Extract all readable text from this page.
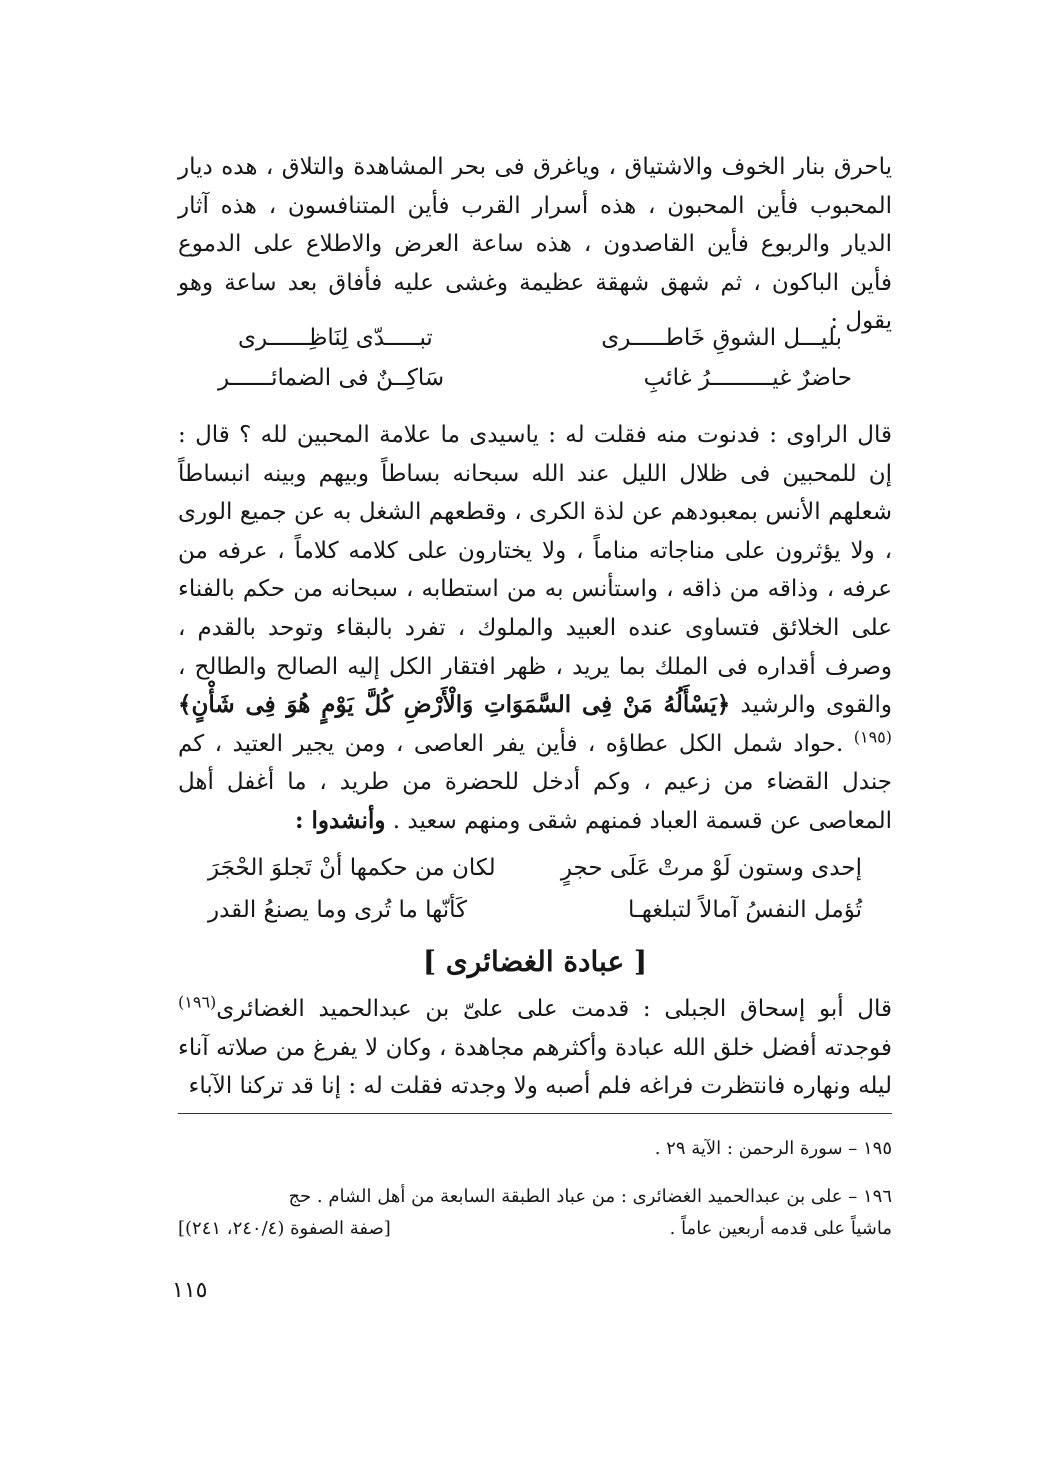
ياحرق بنار الخوف والاشتياق ، وياغرق فى بحر المشاهدة والتلاق ، هده ديار المحبوب فأين المحبون ، هذه أسرار القرب فأين المتنافسون ، هذه آثار الديار والربوع فأين القاصدون ، هذه ساعة العرض والاطلاع على الدموع فأين الباكون ، ثم شهق شهقة عظيمة وغشى عليه فأفاق بعد ساعة وهو يقول :

بليـــل الشوقِ خَاطـــــرى
تبـــــدّى لِنَاظِــــــرى
حاضرٌ غيـــــــــرُ غائبِ
سَاكِــنٌ فى الضمائــــــر

قال الراوى : فدنوت منه فقلت له : ياسيدى ما علامة المحبين لله ؟ قال : إن للمحبين فى ظلال الليل عند الله سبحانه بساطاً وبيهم وبينه انبساطاً شعلهم الأنس بمعبودهم عن لذة الكرى ، وقطعهم الشغل به عن جميع الورى ، ولا يؤثرون على مناجاته مناماً ، ولا يختارون على كلامه كلاماً ، عرفه من عرفه ، وذاقه من ذاقه ، واستأنس به من استطابه ، سبحانه من حكم بالفناء على الخلائق فتساوى عنده العبيد والملوك ، تفرد بالبقاء وتوحد بالقدم ، وصرف أقداره فى الملك بما يريد ، ظهر افتقار الكل إليه الصالح والطالح ، والقوى والرشيد ﴿يَسْأَلُهُ مَنْ فِى السَّمَوَاتِ وَالْأَرْضِ كُلَّ يَوْمٍ هُوَ فِى شَأْنٍ﴾$^{(١٩٥)}$ .حواد شمل الكل عطاؤه ، فأين يفر العاصى ، ومن يجير العتيد ، كم جندل القضاء من زعيم ، وكم أدخل للحضرة من طريد ، ما أغفل أهل المعاصى عن قسمة العباد فمنهم شقى ومنهم سعيد . وأنشدوا :

إحدى وستون لَوْ مرتْ عَلَى حجرٍ
لكان من حكمها أنْ تَجلوَ الحْجَرَ
تُؤمل النفسُ آمالاً لتبلغهـا
كَأنّها ما تُرى وما يصنعُ القدر
[ عبادة الغضائرى ]

قال أبو إسحاق الجبلى : قدمت على علىّ بن عبدالحميد الغضائرى$^{(١٩٦)}$ فوجدته أفضل خلق الله عبادة وأكثرهم مجاهدة ، وكان لا يفرغ من صلاته آناء ليله ونهاره فانتظرت فراغه فلم أصبه ولا وجدته فقلت له : إنا قد تركنا الآباء

١٩٥ – سورة الرحمن : الآية ٢٩ .
١٩٦ – على بن عبدالحميد الغضائرى : من عباد الطبقة السابعة من أهل الشام . حج
ماشياً على قدمه أربعين عاماً .
[صفة الصفوة (٢٤٠/٤، ٢٤١)]
١١٥
